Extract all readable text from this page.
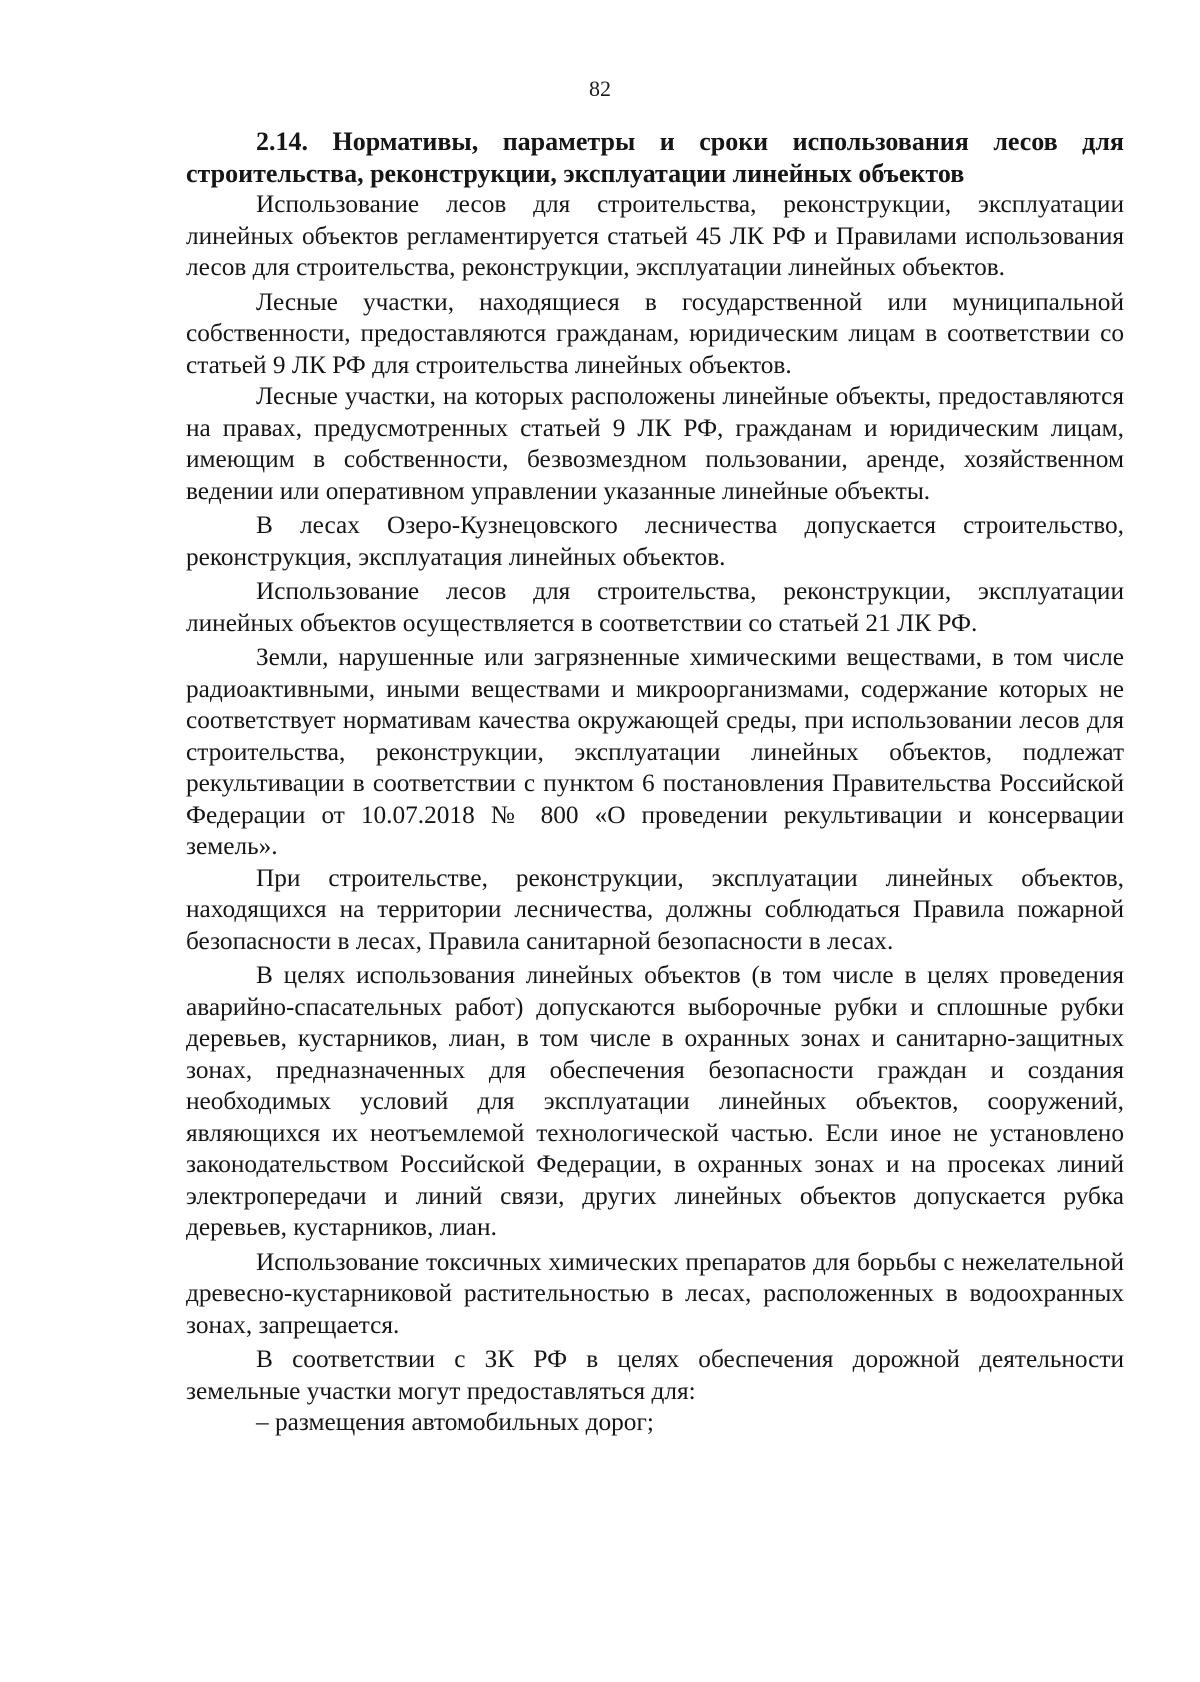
82
2.14. Нормативы, параметры и сроки использования лесов для строительства, реконструкции, эксплуатации линейных объектов

Использование лесов для строительства, реконструкции, эксплуатации линейных объектов регламентируется статьей 45 ЛК РФ и Правилами использования лесов для строительства, реконструкции, эксплуатации линейных объектов.

Лесные участки, находящиеся в государственной или муниципальной собственности, предоставляются гражданам, юридическим лицам в соответствии со статьей 9 ЛК РФ для строительства линейных объектов.

Лесные участки, на которых расположены линейные объекты, предоставляются на правах, предусмотренных статьей 9 ЛК РФ, гражданам и юридическим лицам, имеющим в собственности, безвозмездном пользовании, аренде, хозяйственном ведении или оперативном управлении указанные линейные объекты.

В лесах Озеро-Кузнецовского лесничества допускается строительство, реконструкция, эксплуатация линейных объектов.

Использование лесов для строительства, реконструкции, эксплуатации линейных объектов осуществляется в соответствии со статьей 21 ЛК РФ.

Земли, нарушенные или загрязненные химическими веществами, в том числе радиоактивными, иными веществами и микроорганизмами, содержание которых не соответствует нормативам качества окружающей среды, при использовании лесов для строительства, реконструкции, эксплуатации линейных объектов, подлежат рекультивации в соответствии с пунктом 6 постановления Правительства Российской Федерации от 10.07.2018 № 800 «О проведении рекультивации и консервации земель».

При строительстве, реконструкции, эксплуатации линейных объектов, находящихся на территории лесничества, должны соблюдаться Правила пожарной безопасности в лесах, Правила санитарной безопасности в лесах.

В целях использования линейных объектов (в том числе в целях проведения аварийно-спасательных работ) допускаются выборочные рубки и сплошные рубки деревьев, кустарников, лиан, в том числе в охранных зонах и санитарно-защитных зонах, предназначенных для обеспечения безопасности граждан и создания необходимых условий для эксплуатации линейных объектов, сооружений, являющихся их неотъемлемой технологической частью. Если иное не установлено законодательством Российской Федерации, в охранных зонах и на просеках линий электропередачи и линий связи, других линейных объектов допускается рубка деревьев, кустарников, лиан.

Использование токсичных химических препаратов для борьбы с нежелательной древесно-кустарниковой растительностью в лесах, расположенных в водоохранных зонах, запрещается.

В соответствии с ЗК РФ в целях обеспечения дорожной деятельности земельные участки могут предоставляться для:

– размещения автомобильных дорог;
